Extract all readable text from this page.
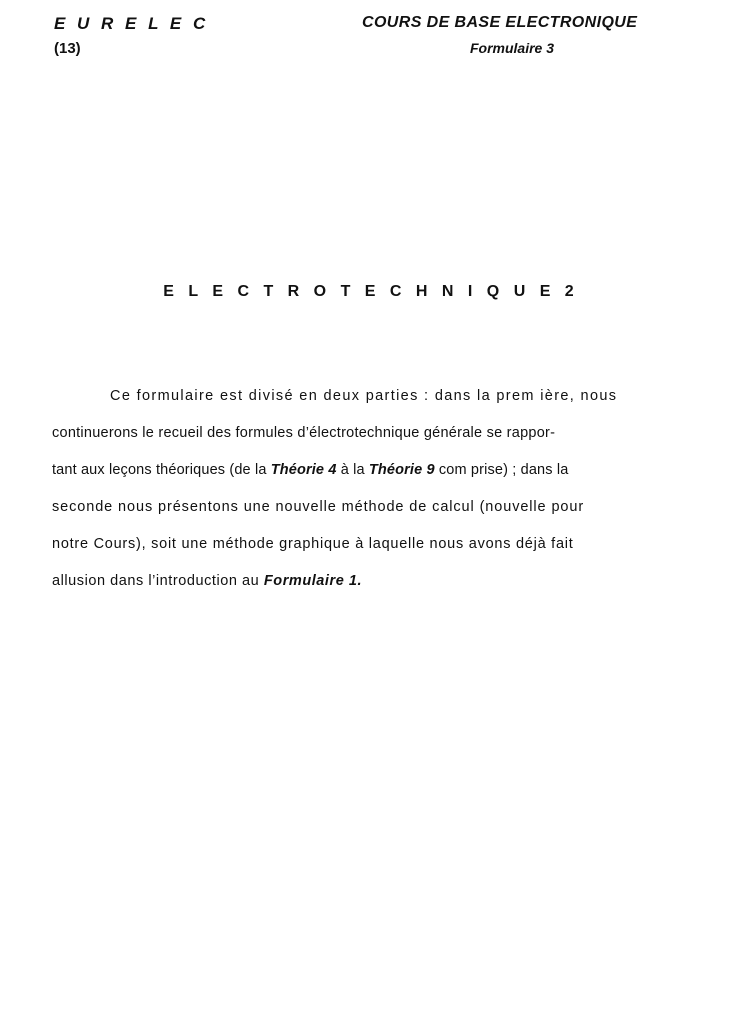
E U R E L E C
(13)
COURS DE BASE ELECTRONIQUE
Formulaire 3
E L E C T R O T E C H N I Q U E 2
Ce formulaire est divisé en deux parties : dans la prem ière, nous
continuerons le recueil des formules d’électrotechnique générale se rappor-
tant aux leçons théoriques (de la Théorie 4 à la Théorie 9 com prise) ; dans la
seconde nous présentons une nouvelle méthode de calcul (nouvelle pour
notre Cours), soit une méthode graphique à laquelle nous avons déjà fait
allusion dans l’introduction au Formulaire 1.
